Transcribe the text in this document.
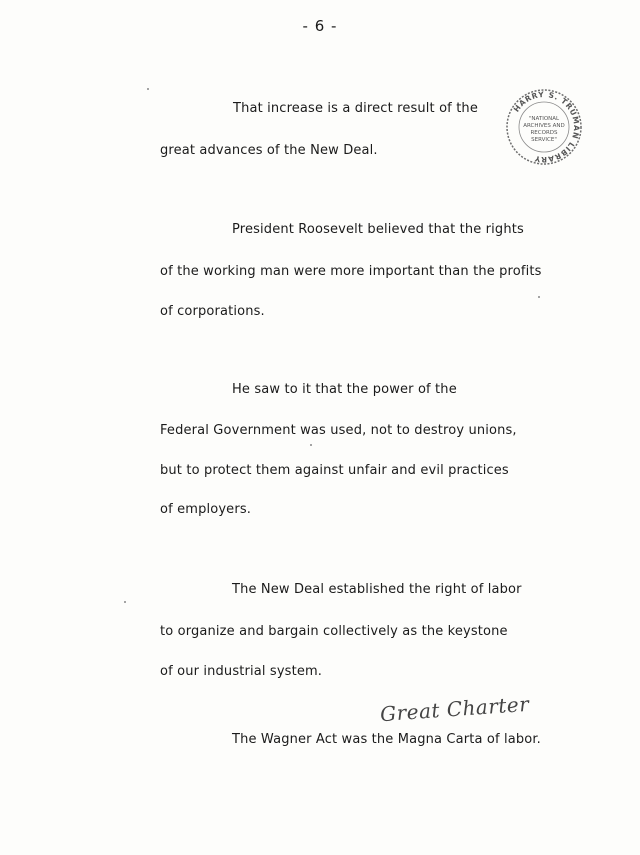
- 6 -
HARRY S. TRUMAN LIBRARY
"NATIONAL
ARCHIVES AND
RECORDS
SERVICE"
That increase is a direct result of the
great advances of the New Deal.
President Roosevelt believed that the rights
of the working man were more important than the profits
of corporations.
He saw to it that the power of the
Federal Government was used, not to destroy unions,
but to protect them against unfair and evil practices
of employers.
The New Deal established the right of labor
to organize and bargain collectively as the keystone
of our industrial system.
Great Charter
The Wagner Act was the Magna Carta of labor.
